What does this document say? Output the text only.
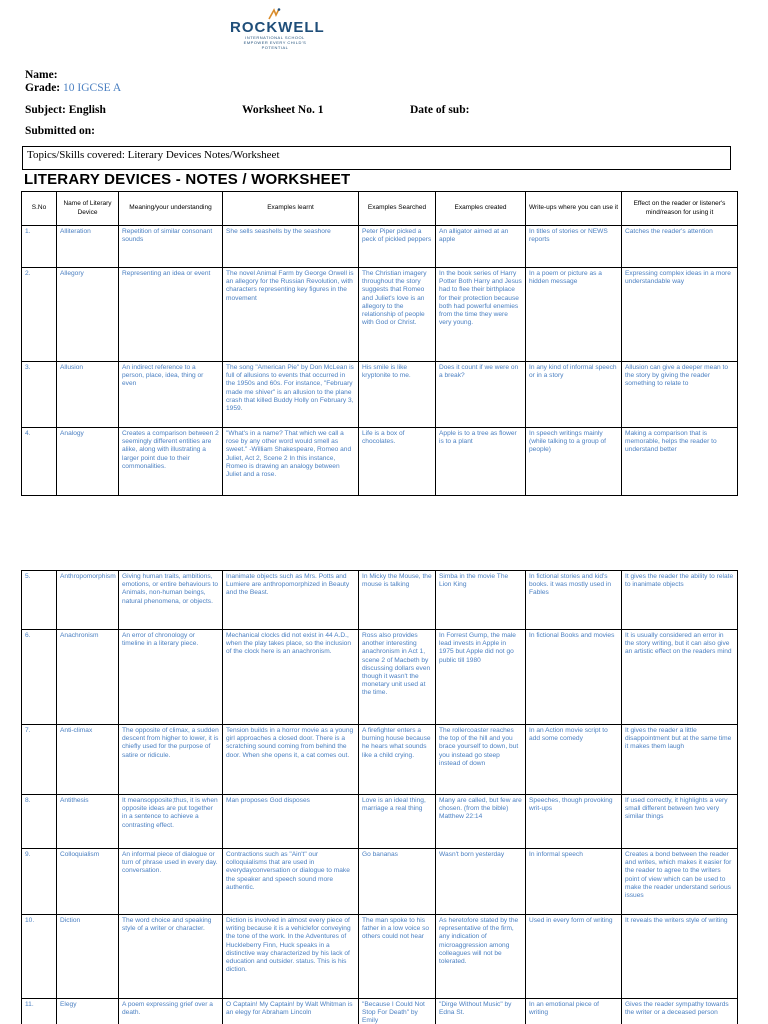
ROCKWELL
INTERNATIONAL SCHOOL
EMPOWER EVERY CHILD'S POTENTIAL
Name:
Grade: 10 IGCSE A
Subject: English	Worksheet No. 1	Date of sub:
Submitted on:
Topics/Skills covered: Literary Devices Notes/Worksheet
LITERARY DEVICES - NOTES / WORKSHEET
S.No	Name of Literary Device	Meaning/your understanding	Examples learnt	Examples Searched	Examples created	Write-ups where you can use it	Effect on the reader or listener's mind/reason for using it
1.	Alliteration	Repetition of similar consonant sounds	She sells seashells by the seashore	Peter Piper picked a peck of pickled peppers	An alligator aimed at an apple	In titles of stories or NEWS reports	Catches the reader's attention
2.	Allegory	Representing an idea or event	The novel Animal Farm by George Orwell is an allegory for the Russian Revolution, with characters representing key figures in the movement	The Christian imagery throughout the story suggests that Romeo and Juliet's love is an allegory to the relationship of people with God or Christ.	In the book series of Harry Potter Both Harry and Jesus had to flee their birthplace for their protection because both had powerful enemies from the time they were very young.	In a poem or picture as a hidden message	Expressing complex ideas in a more understandable way
3.	Allusion	An indirect reference to a person, place, idea, thing or even	The song "American Pie" by Don McLean is full of allusions to events that occurred in the 1950s and 60s. For instance, "February made me shiver" is an allusion to the plane crash that killed Buddy Holly on February 3, 1959.	His smile is like kryptonite to me.	Does it count if we were on a break?	In any kind of informal speech or in a story	Allusion can give a deeper mean to the story by giving the reader something to relate to
4.	Analogy	Creates a comparison between 2 seemingly different entities are alike, along with illustrating a larger point due to their commonalities.	"What's in a name? That which we call a rose by any other word would smell as sweet." -William Shakespeare, Romeo and Juliet, Act 2, Scene 2 In this instance, Romeo is drawing an analogy between Juliet and a rose.	Life is a box of chocolates.	Apple is to a tree as flower is to a plant	In speech writings mainly (while talking to a group of people)	Making a comparison that is memorable, helps the reader to understand better
5.	Anthropomorphism	Giving human traits, ambitions, emotions, or entire behaviours to Animals, non-human beings, natural phenomena, or objects.	Inanimate objects such as Mrs. Potts and Lumiere are anthropomorphized in Beauty and the Beast.	In Micky the Mouse, the mouse is talking	Simba in the movie The Lion King	In fictional stories and kid's books. it was mostly used in Fables	It gives the reader the ability to relate to inanimate objects
6.	Anachronism	An error of chronology or timeline in a literary piece.	Mechanical clocks did not exist in 44 A.D., when the play takes place, so the inclusion of the clock here is an anachronism.	Ross also provides another interesting anachronism in Act 1, scene 2 of Macbeth by discussing dollars even though it wasn't the monetary unit used at the time.	In Forrest Gump, the male lead invests in Apple in 1975 but Apple did not go public till 1980	In fictional Books and movies	It is usually considered an error in the story writing, but it can also give an artistic effect on the readers mind
7.	Anti-climax	The opposite of climax, a sudden descent from higher to lower, it is chiefly used for the purpose of satire or ridicule.	Tension builds in a horror movie as a young girl approaches a closed door. There is a scratching sound coming from behind the door. When she opens it, a cat comes out.	A firefighter enters a burning house because he hears what sounds like a child crying.	The rollercoaster reaches the top of the hill and you brace yourself to down, but you instead go steep instead of down	In an Action movie script to add some comedy	It gives the reader a little disappointment but at the same time it makes them laugh
8.	Antithesis	It meansopposite;thus, it is when opposite ideas are put together in a sentence to achieve a contrasting effect.	Man proposes God disposes	Love is an ideal thing, marriage a real thing	Many are called, but few are chosen. (from the bible) Matthew 22:14	Speeches, though provoking writ-ups	If used correctly, it highlights a very small different between two very similar things
9.	Colloquialism	An informal piece of dialogue or turn of phrase used in every day. conversation.	Contractions such as "Ain't" our colloquialisms that are used in everydayconversation or dialogue to make the speaker and speech sound more authentic.	Go bananas	Wasn't born yesterday	In informal speech	Creates a bond between the reader and writes, which makes it easier for the reader to agree to the writers point of view which can be used to make the reader understand serious issues
10.	Diction	The word choice and speaking style of a writer or character.	Diction is involved in almost every piece of writing because it is a vehiclefor conveying the tone of the work. In the Adventures of Huckleberry Finn, Huck speaks in a distinctive way characterized by his lack of education and outsider. status. This is his diction.	The man spoke to his father in a low voice so others could not hear	As heretofore stated by the representative of the firm, any indication of microaggression among colleagues will not be tolerated.	Used in every form of writing	It reveals the writers style of writing
11.	Elegy	A poem expressing grief over a death.	O Captain! My Captain! by Walt Whitman is an elegy for Abraham Lincoln	"Because I Could Not Stop For Death" by Emily	"Dirge Without Music" by Edna St.	In an emotional piece of writing	Gives the reader sympathy towards the writer or a deceased person
